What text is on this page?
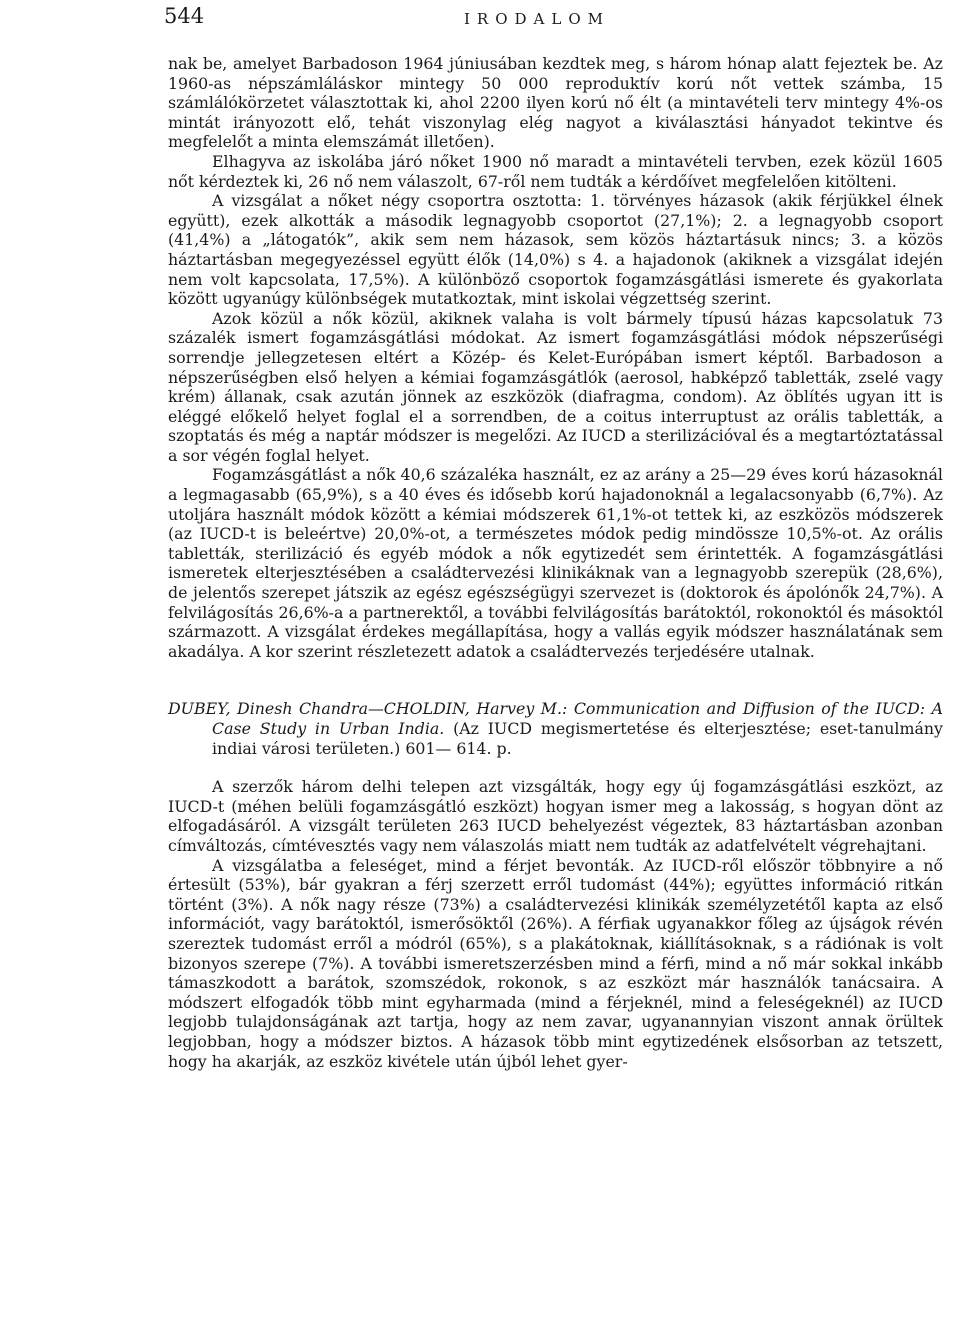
544	IRODALOM

nak be, amelyet Barbadoson 1964 júniusában kezdtek meg, s három hónap alatt fejeztek be. Az 1960-as népszámláláskor mintegy 50 000 reproduktív korú nőt vettek számba, 15 számlálókörzetet választottak ki, ahol 2200 ilyen korú nő élt (a mintavételi terv mintegy 4%-os mintát irányozott elő, tehát viszonylag elég nagyot a kiválasztási hányadot tekintve és megfelelőt a minta elemszámát illetően).

Elhagyva az iskolába járó nőket 1900 nő maradt a mintavételi tervben, ezek közül 1605 nőt kérdeztek ki, 26 nő nem válaszolt, 67-ről nem tudták a kérdőívet megfelelően kitölteni.

A vizsgálat a nőket négy csoportra osztotta: 1. törvényes házasok (akik férjükkel élnek együtt), ezek alkották a második legnagyobb csoportot (27,1%); 2. a legnagyobb csoport (41,4%) a „látogatók”, akik sem nem házasok, sem közös háztartásuk nincs; 3. a közös háztartásban megegyezéssel együtt élők (14,0%) s 4. a hajadonok (akiknek a vizsgálat idején nem volt kapcsolata, 17,5%). A különböző csoportok fogamzásgátlási ismerete és gyakorlata között ugyanúgy különbségek mutatkoztak, mint iskolai végzettség szerint.

Azok közül a nők közül, akiknek valaha is volt bármely típusú házas kapcsolatuk 73 százalék ismert fogamzásgátlási módokat. Az ismert fogamzásgátlási módok népszerűségi sorrendje jellegzetesen eltért a Közép- és Kelet-Európában ismert képtől. Barbadoson a népszerűségben első helyen a kémiai fogamzásgátlók (aerosol, habképző tabletták, zselé vagy krém) állanak, csak azután jönnek az eszközök (diafragma, condom). Az öblítés ugyan itt is eléggé előkelő helyet foglal el a sorrendben, de a coitus interruptust az orális tabletták, a szoptatás és még a naptár módszer is megelőzi. Az IUCD a sterilizációval és a megtartóztatással a sor végén foglal helyet.

Fogamzásgátlást a nők 40,6 százaléka használt, ez az arány a 25—29 éves korú házasoknál a legmagasabb (65,9%), s a 40 éves és idősebb korú hajadonoknál a legalacsonyabb (6,7%). Az utoljára használt módok között a kémiai módszerek 61,1%-ot tettek ki, az eszközös módszerek (az IUCD-t is beleértve) 20,0%-ot, a természetes módok pedig mindössze 10,5%-ot. Az orális tabletták, sterilizáció és egyéb módok a nők egytizedét sem érintették. A fogamzásgátlási ismeretek elterjesztésében a családtervezési klinikáknak van a legnagyobb szerepük (28,6%), de jelentős szerepet játszik az egész egészségügyi szervezet is (doktorok és ápolónők 24,7%). A felvilágosítás 26,6%-a a partnerektől, a további felvilágosítás barátoktól, rokonoktól és másoktól származott. A vizsgálat érdekes megállapítása, hogy a vallás egyik módszer használatának sem akadálya. A kor szerint részletezett adatok a családtervezés terjedésére utalnak.

DUBEY, Dinesh Chandra—CHOLDIN, Harvey M.: Communication and Diffusion of the IUCD: A Case Study in Urban India. (Az IUCD megismertetése és elterjesztése; eset-tanulmány indiai városi területen.) 601— 614. p.

A szerzők három delhi telepen azt vizsgálták, hogy egy új fogamzásgátlási eszközt, az IUCD-t (méhen belüli fogamzásgátló eszközt) hogyan ismer meg a lakosság, s hogyan dönt az elfogadásáról. A vizsgált területen 263 IUCD behelyezést végeztek, 83 háztartásban azonban címváltozás, címtévesztés vagy nem válaszolás miatt nem tudták az adatfelvételt végrehajtani.

A vizsgálatba a feleséget, mind a férjet bevonták. Az IUCD-ről először többnyire a nő értesült (53%), bár gyakran a férj szerzett erről tudomást (44%); együttes információ ritkán történt (3%). A nők nagy része (73%) a családtervezési klinikák személyzetétől kapta az első információt, vagy barátoktól, ismerősöktől (26%). A férfiak ugyanakkor főleg az újságok révén szereztek tudomást erről a módról (65%), s a plakátoknak, kiállításoknak, s a rádiónak is volt bizonyos szerepe (7%). A további ismeretszerzésben mind a férfi, mind a nő már sokkal inkább támaszkodott a barátok, szomszédok, rokonok, s az eszközt már használók tanácsaira. A módszert elfogadók több mint egyharmada (mind a férjeknél, mind a feleségeknél) az IUCD legjobb tulajdonságának azt tartja, hogy az nem zavar, ugyanannyian viszont annak örültek legjobban, hogy a módszer biztos. A házasok több mint egytizedének elsősorban az tetszett, hogy ha akarják, az eszköz kivétele után újból lehet gyer-
